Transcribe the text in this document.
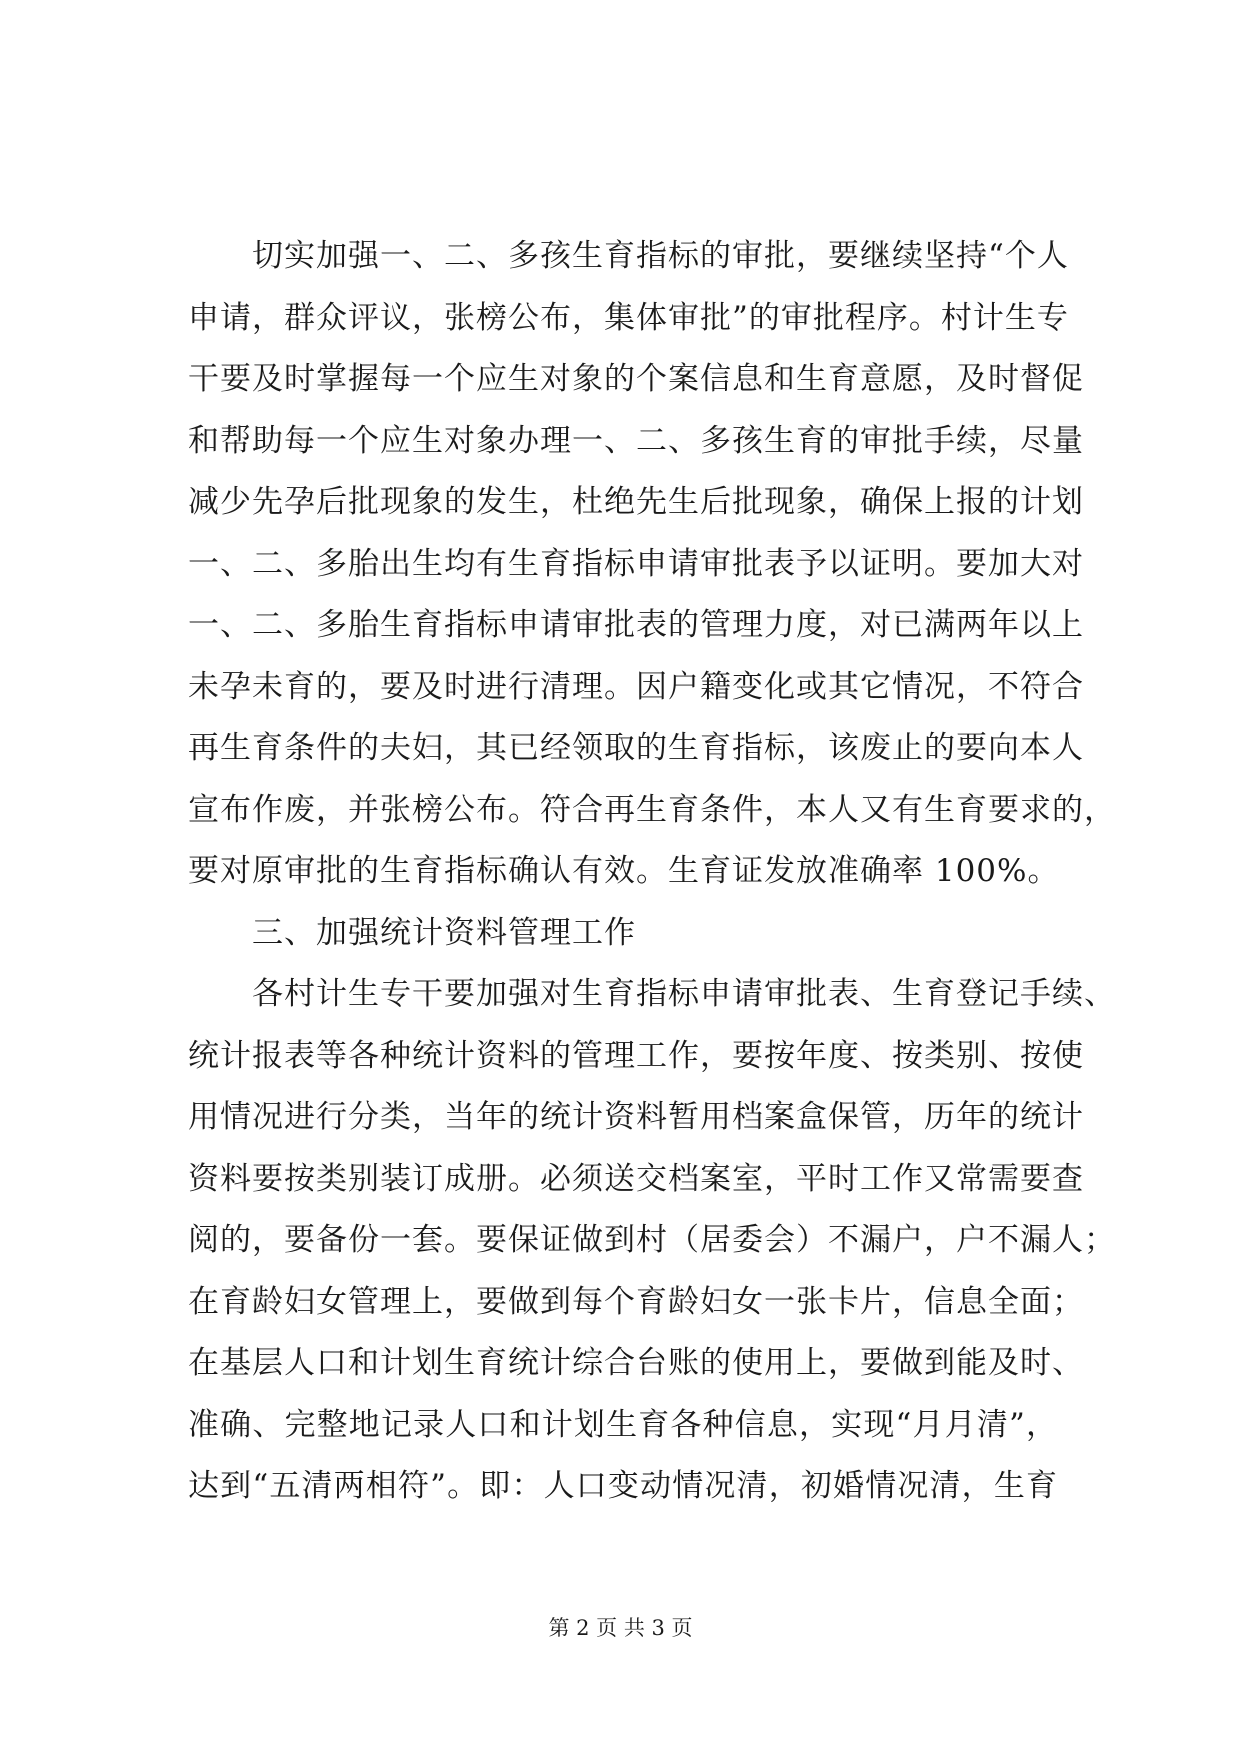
切实加强一、二、多孩生育指标的审批，要继续坚持“个人
申请，群众评议，张榜公布，集体审批”的审批程序。村计生专
干要及时掌握每一个应生对象的个案信息和生育意愿，及时督促
和帮助每一个应生对象办理一、二、多孩生育的审批手续，尽量
减少先孕后批现象的发生，杜绝先生后批现象，确保上报的计划
一、二、多胎出生均有生育指标申请审批表予以证明。要加大对
一、二、多胎生育指标申请审批表的管理力度，对已满两年以上
未孕未育的，要及时进行清理。因户籍变化或其它情况，不符合
再生育条件的夫妇，其已经领取的生育指标，该废止的要向本人
宣布作废，并张榜公布。符合再生育条件，本人又有生育要求的，
要对原审批的生育指标确认有效。生育证发放准确率 100%。
三、加强统计资料管理工作
各村计生专干要加强对生育指标申请审批表、生育登记手续、
统计报表等各种统计资料的管理工作，要按年度、按类别、按使
用情况进行分类，当年的统计资料暂用档案盒保管，历年的统计
资料要按类别装订成册。必须送交档案室，平时工作又常需要查
阅的，要备份一套。要保证做到村（居委会）不漏户，户不漏人；
在育龄妇女管理上，要做到每个育龄妇女一张卡片，信息全面；
在基层人口和计划生育统计综合台账的使用上，要做到能及时、
准确、完整地记录人口和计划生育各种信息，实现“月月清”，
达到“五清两相符”。即：人口变动情况清，初婚情况清，生育
第 2 页 共 3 页
